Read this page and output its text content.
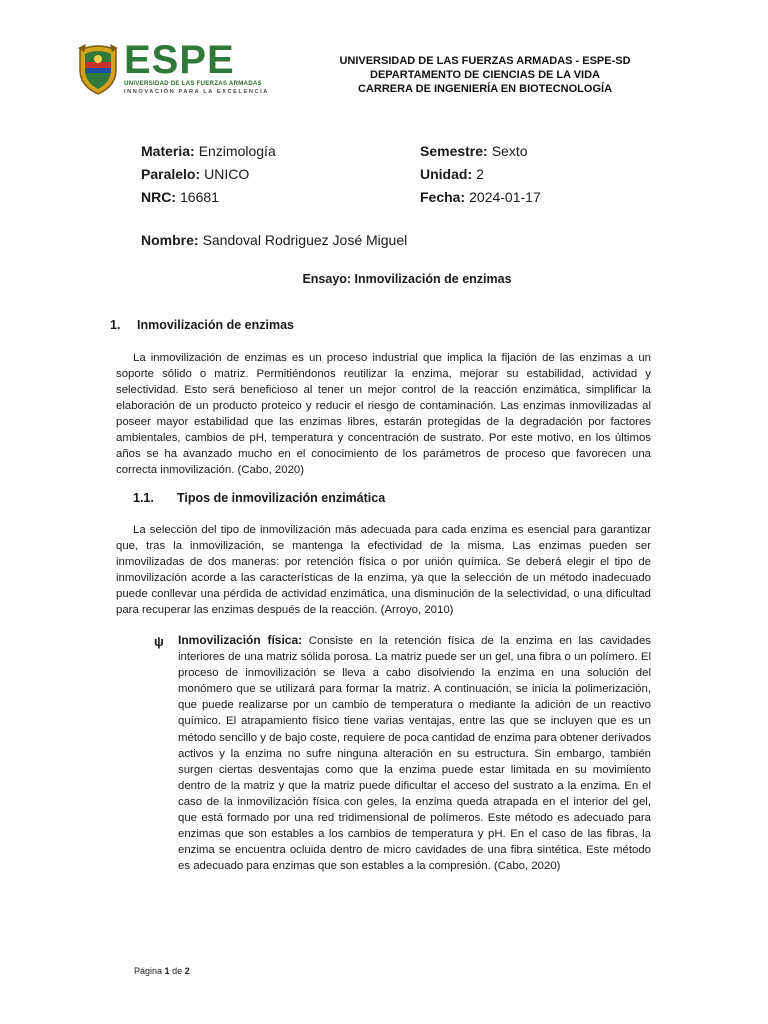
ESPE
UNIVERSIDAD DE LAS FUERZAS ARMADAS
INNOVACIÓN PARA LA EXCELENCIA
UNIVERSIDAD DE LAS FUERZAS ARMADAS - ESPE-SD
DEPARTAMENTO DE CIENCIAS DE LA VIDA
CARRERA DE INGENIERÍA EN BIOTECNOLOGÍA
Materia: Enzimología
Paralelo: UNICO
NRC: 16681
Semestre: Sexto
Unidad: 2
Fecha: 2024-01-17
Nombre: Sandoval Rodriguez José Miguel
Ensayo: Inmovilización de enzimas
1. Inmovilización de enzimas

La inmovilización de enzimas es un proceso industrial que implica la fijación de las enzimas a un soporte sólido o matriz. Permitiéndonos reutilizar la enzima, mejorar su estabilidad, actividad y selectividad. Esto será beneficioso al tener un mejor control de la reacción enzimática, simplificar la elaboración de un producto proteico y reducir el riesgo de contaminación. Las enzimas inmovilizadas al poseer mayor estabilidad que las enzimas libres, estarán protegidas de la degradación por factores ambientales, cambios de pH, temperatura y concentración de sustrato. Por este motivo, en los últimos años se ha avanzado mucho en el conocimiento de los parámetros de proceso que favorecen una correcta inmovilización. (Cabo, 2020)

1.1. Tipos de inmovilización enzimática

La selección del tipo de inmovilización más adecuada para cada enzima es esencial para garantizar que, tras la inmovilización, se mantenga la efectividad de la misma. Las enzimas pueden ser inmovilizadas de dos maneras: por retención física o por unión química. Se deberá elegir el tipo de inmovilización acorde a las características de la enzima, ya que la selección de un método inadecuado puede conllevar una pérdida de actividad enzimática, una disminución de la selectividad, o una dificultad para recuperar las enzimas después de la reacción. (Arroyo, 2010)

ψ Inmovilización física: Consiste en la retención física de la enzima en las cavidades interiores de una matriz sólida porosa. La matriz puede ser un gel, una fibra o un polímero. El proceso de inmovilización se lleva a cabo disolviendo la enzima en una solución del monómero que se utilizará para formar la matriz. A continuación, se inicia la polimerización, que puede realizarse por un cambio de temperatura o mediante la adición de un reactivo químico. El atrapamiento físico tiene varias ventajas, entre las que se incluyen que es un método sencillo y de bajo coste, requiere de poca cantidad de enzima para obtener derivados activos y la enzima no sufre ninguna alteración en su estructura. Sin embargo, también surgen ciertas desventajas como que la enzima puede estar limitada en su movimiento dentro de la matriz y que la matriz puede dificultar el acceso del sustrato a la enzima. En el caso de la inmovilización física con geles, la enzima queda atrapada en el interior del gel, que está formado por una red tridimensional de polímeros. Este método es adecuado para enzimas que son estables a los cambios de temperatura y pH. En el caso de las fibras, la enzima se encuentra ocluida dentro de micro cavidades de una fibra sintética. Este método es adecuado para enzimas que son estables a la compresión. (Cabo, 2020)

Página 1 de 2
